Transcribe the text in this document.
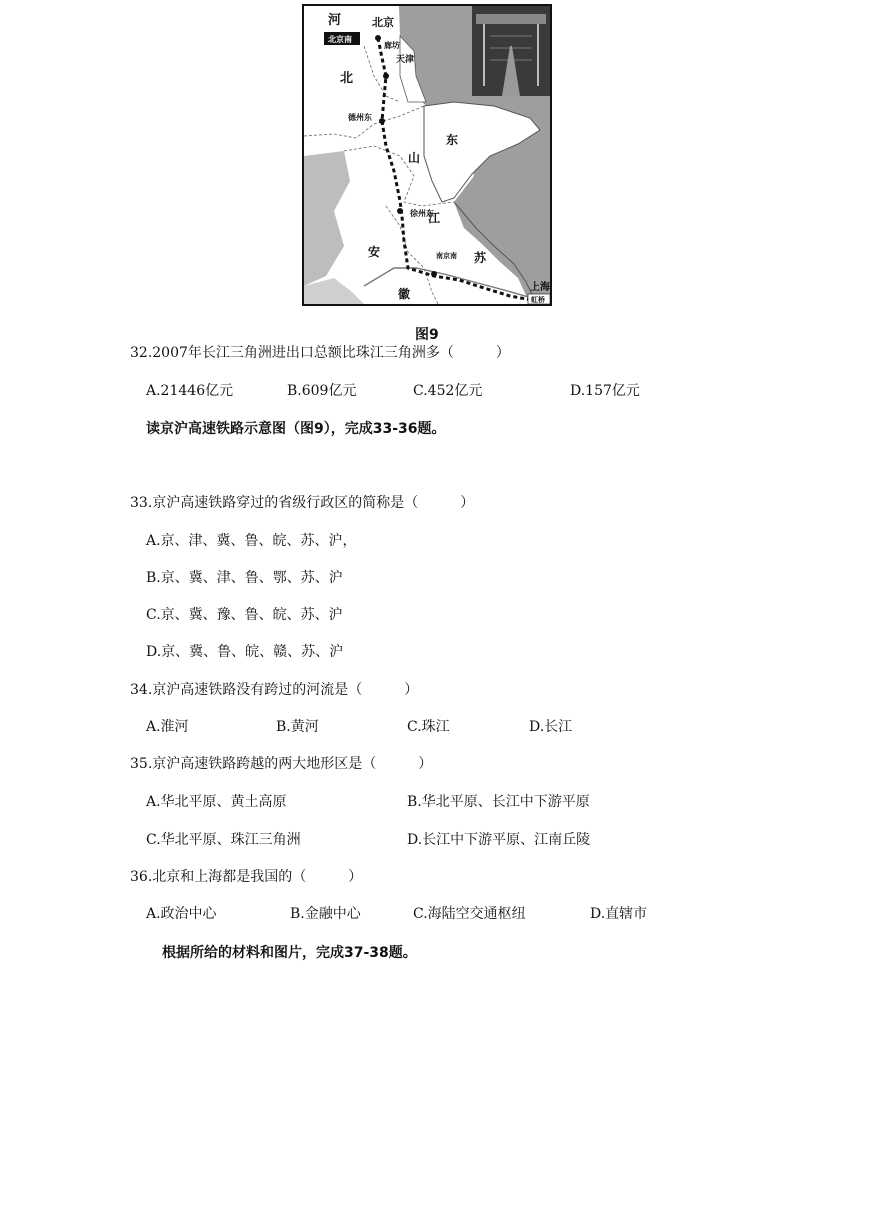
河
北
北京
北京南
廊坊
天津
德州东
山
东
徐州东
江
苏
安
徽
南京南
上海
虹桥
图9
32.2007年长江三角洲进出口总额比珠江三角洲多（　　　）
A.21446亿元	B.609亿元	C.452亿元	D.157亿元
读京沪高速铁路示意图（图9），完成33-36题。
33.京沪高速铁路穿过的省级行政区的简称是（　　　）
A.京、津、冀、鲁、皖、苏、沪，
B.京、冀、津、鲁、鄂、苏、沪
C.京、冀、豫、鲁、皖、苏、沪
D.京、冀、鲁、皖、赣、苏、沪
34.京沪高速铁路没有跨过的河流是（　　　）
A.淮河	B.黄河	C.珠江	D.长江
35.京沪高速铁路跨越的两大地形区是（　　　）
A.华北平原、黄土高原	B.华北平原、长江中下游平原
C.华北平原、珠江三角洲	D.长江中下游平原、江南丘陵
36.北京和上海都是我国的（　　　）
A.政治中心	B.金融中心	C.海陆空交通枢纽	D.直辖市
根据所给的材料和图片，完成37-38题。
